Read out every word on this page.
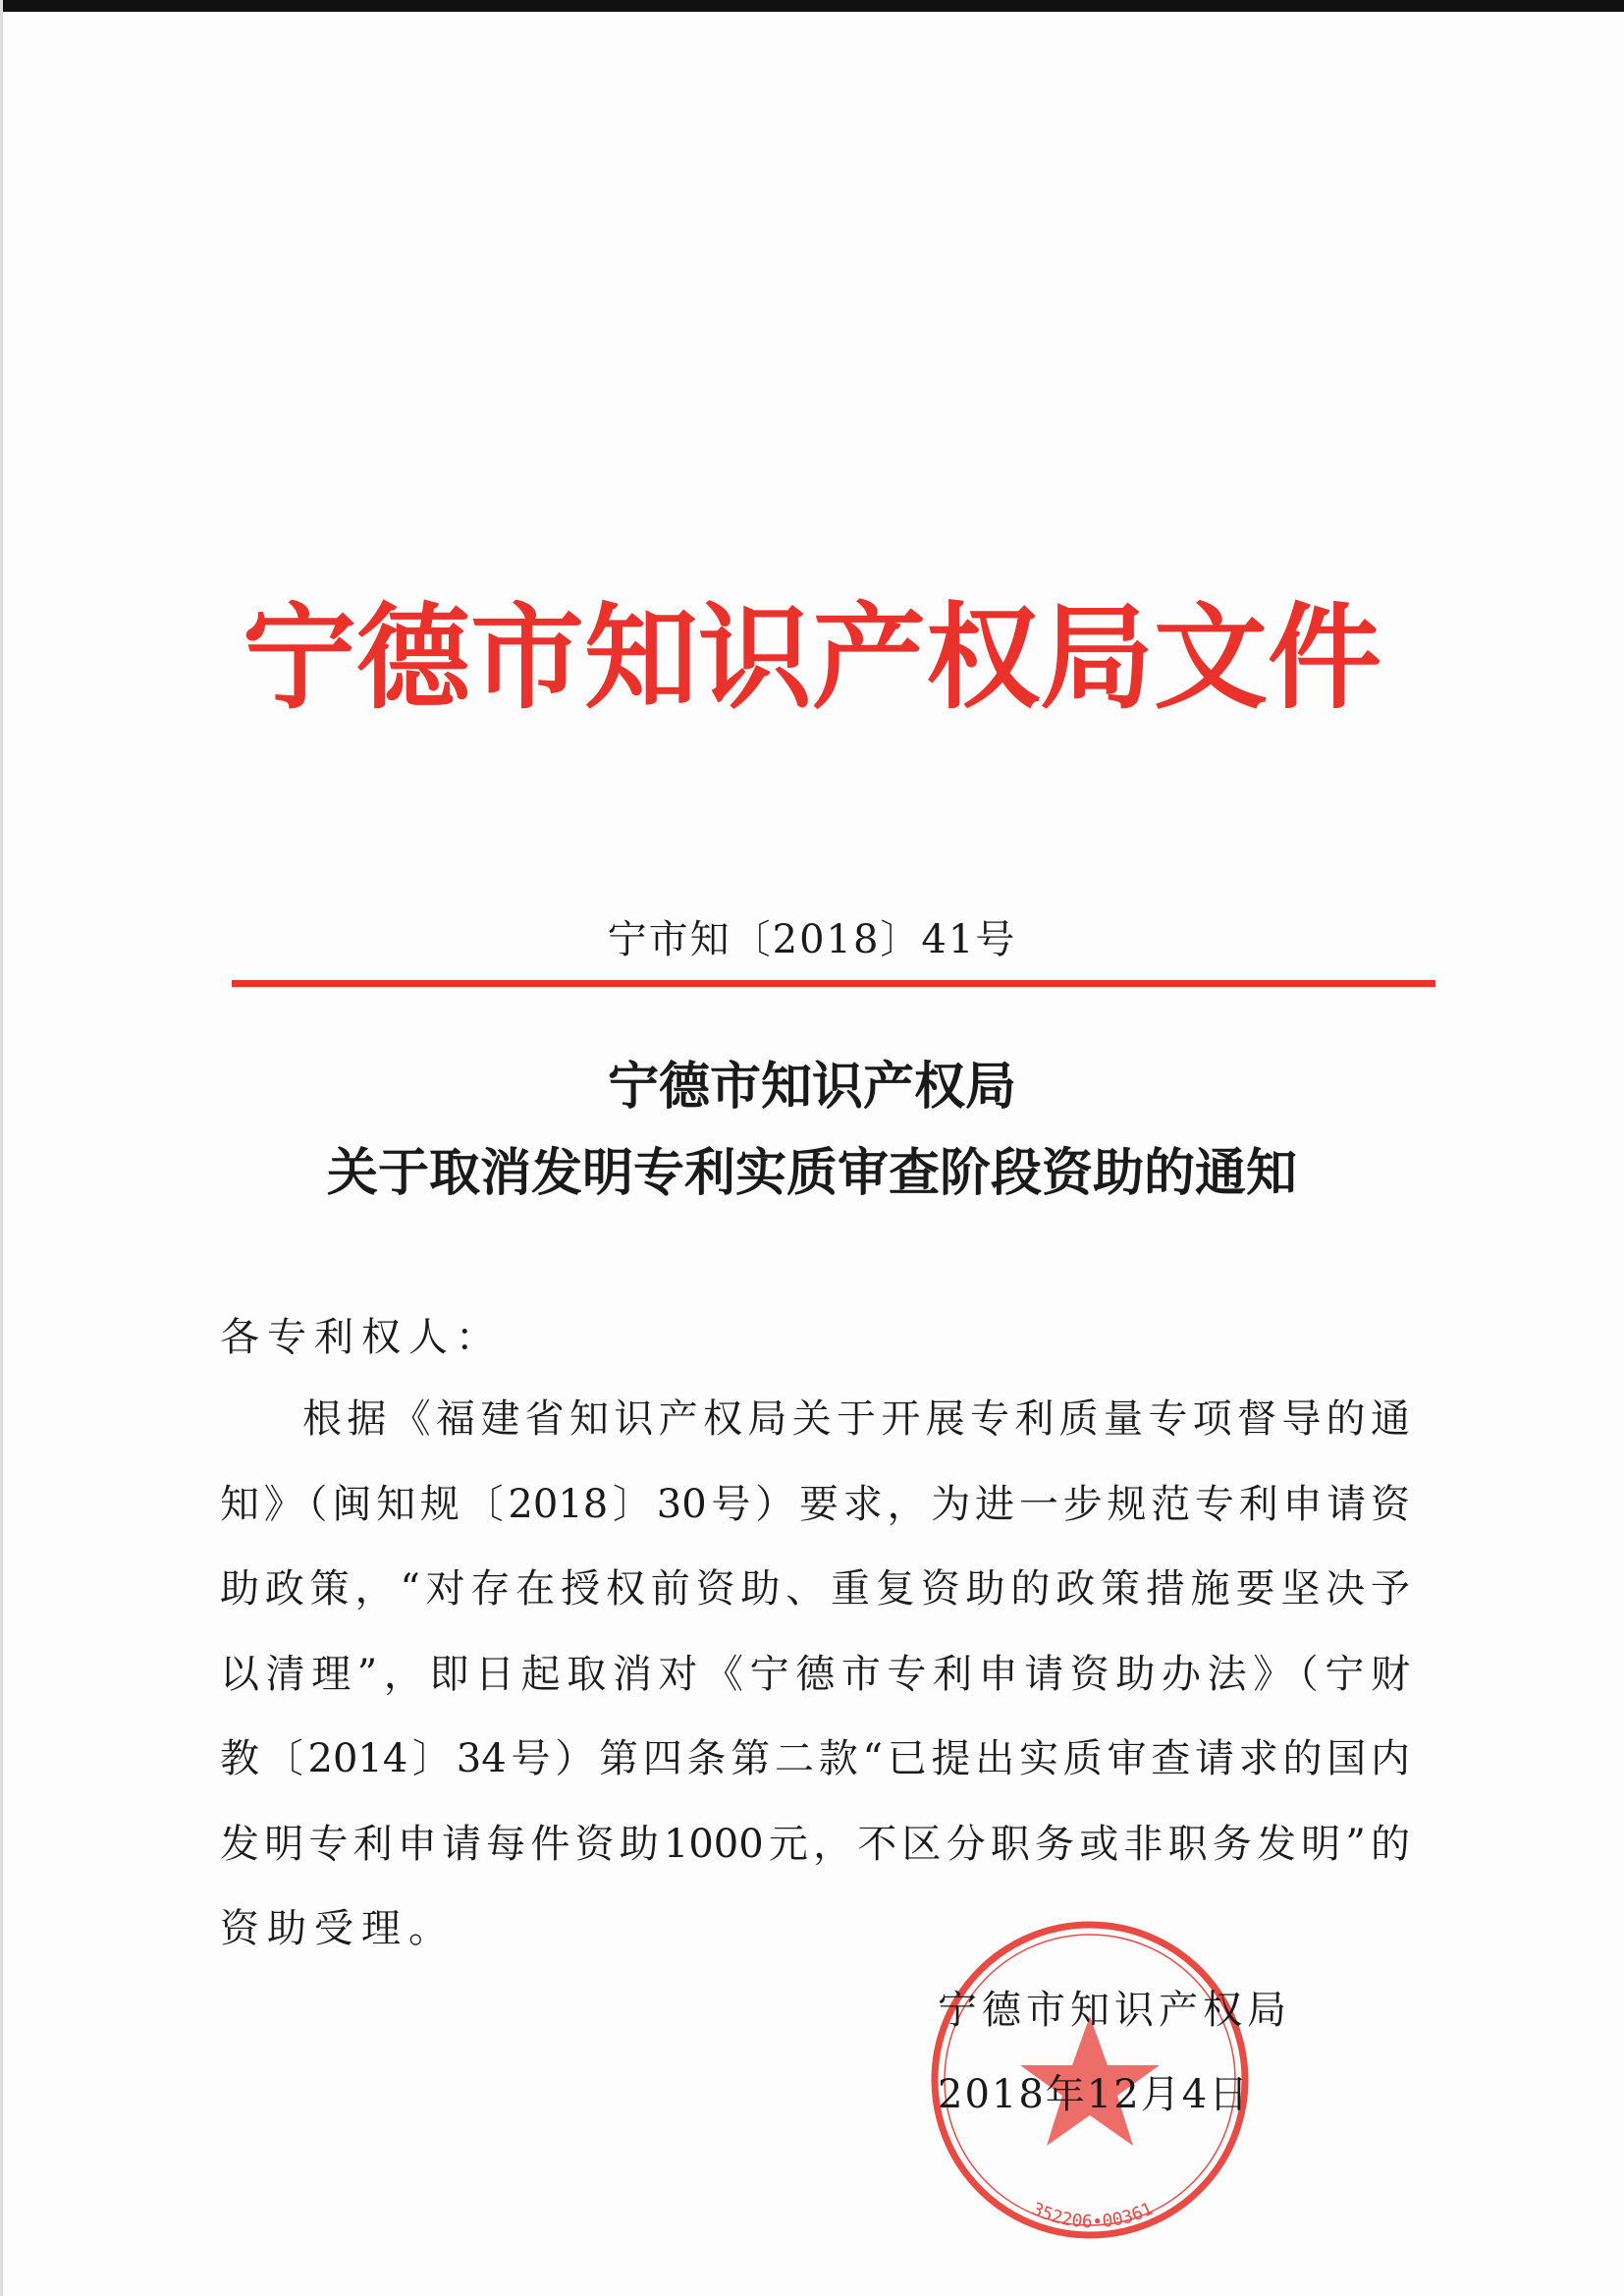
宁德市知识产权局文件
宁市知〔2018〕41号
宁德市知识产权局
关于取消发明专利实质审查阶段资助的通知
各专利权人：
根据《福建省知识产权局关于开展专利质量专项督导的通
知》（闽知规〔2018〕30号）要求，为进一步规范专利申请资
助政策，“对存在授权前资助、重复资助的政策措施要坚决予
以清理”，即日起取消对《宁德市专利申请资助办法》（宁财
教〔2014〕34号）第四条第二款“已提出实质审查请求的国内
发明专利申请每件资助1000元，不区分职务或非职务发明”的
资助受理。
352206•00361
宁德市知识产权局
2018年12月4日
